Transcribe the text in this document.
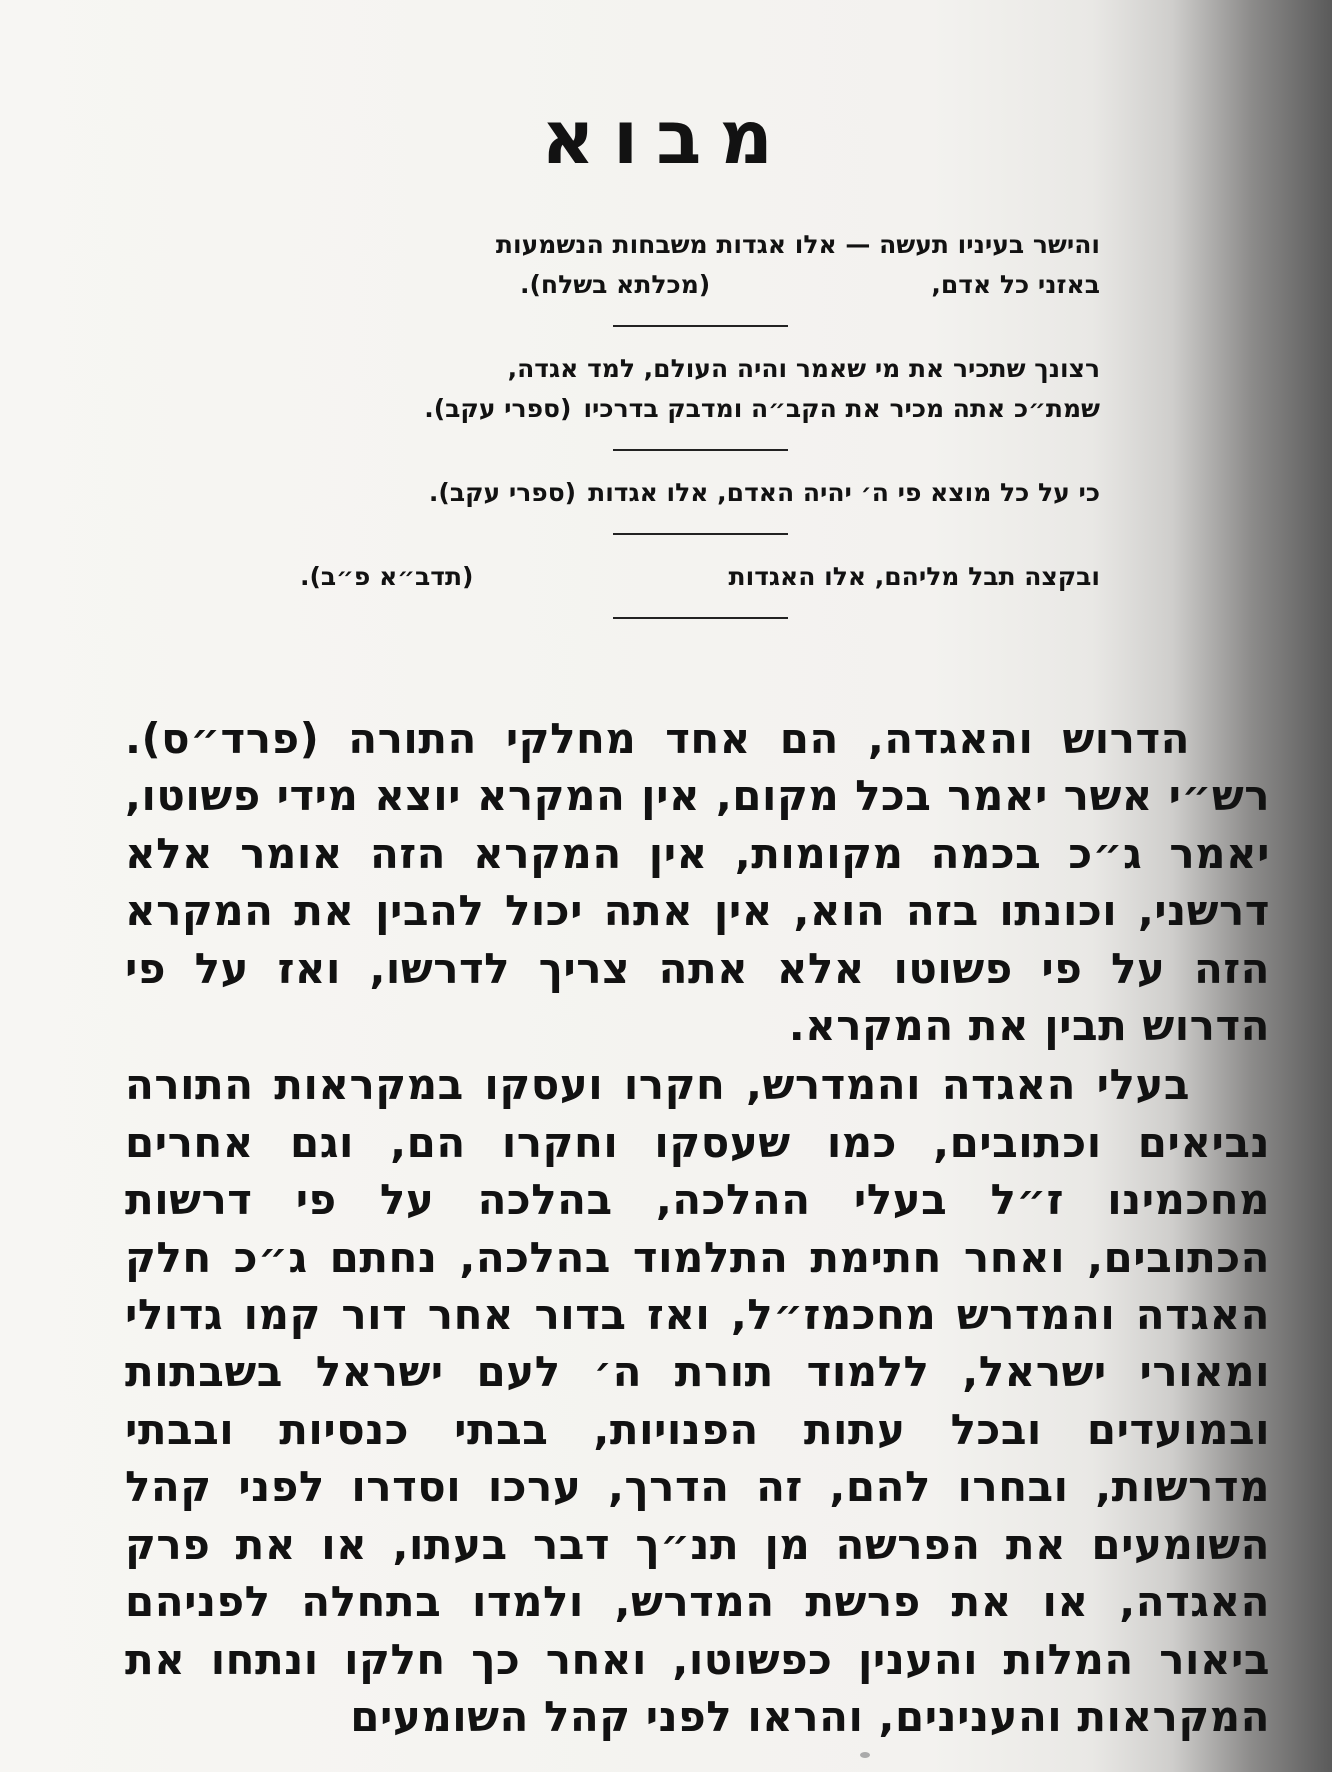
מבוא
והישר בעיניו תעשה — אלו אגדות משבחות הנשמעות
באזני כל אדם,
(מכלתא בשלח).
רצונך שתכיר את מי שאמר והיה העולם, למד אגדה,
שמת״כ אתה מכיר את הקב״ה ומדבק בדרכיו
(ספרי עקב).
כי על כל מוצא פי ה׳ יהיה האדם, אלו אגדות
(ספרי עקב).
ובקצה תבל מליהם, אלו האגדות
(תדב״א פ״ב).

הדרוש והאגדה, הם אחד מחלקי התורה (פרד״ס). רש״י אשר יאמר בכל מקום, אין המקרא יוצא מידי פשוטו, יאמר ג״כ בכמה מקומות, אין המקרא הזה אומר אלא דרשני, וכונתו בזה הוא, אין אתה יכול להבין את המקרא הזה על פי פשוטו אלא אתה צריך לדרשו, ואז על פי הדרוש תבין את המקרא.

בעלי האגדה והמדרש, חקרו ועסקו במקראות התורה נביאים וכתובים, כמו שעסקו וחקרו הם, וגם אחרים מחכמינו ז״ל בעלי ההלכה, בהלכה על פי דרשות הכתובים, ואחר חתימת התלמוד בהלכה, נחתם ג״כ חלק האגדה והמדרש מחכמז״ל, ואז בדור אחר דור קמו גדולי ומאורי ישראל, ללמוד תורת ה׳ לעם ישראל בשבתות ובמועדים ובכל עתות הפנויות, בבתי כנסיות ובבתי מדרשות, ובחרו להם, זה הדרך, ערכו וסדרו לפני קהל השומעים את הפרשה מן תנ״ך דבר בעתו, או את פרק האגדה, או את פרשת המדרש, ולמדו בתחלה לפניהם ביאור המלות והענין כפשוטו, ואחר כך חלקו ונתחו את המקראות והענינים, והראו לפני קהל השומעים
